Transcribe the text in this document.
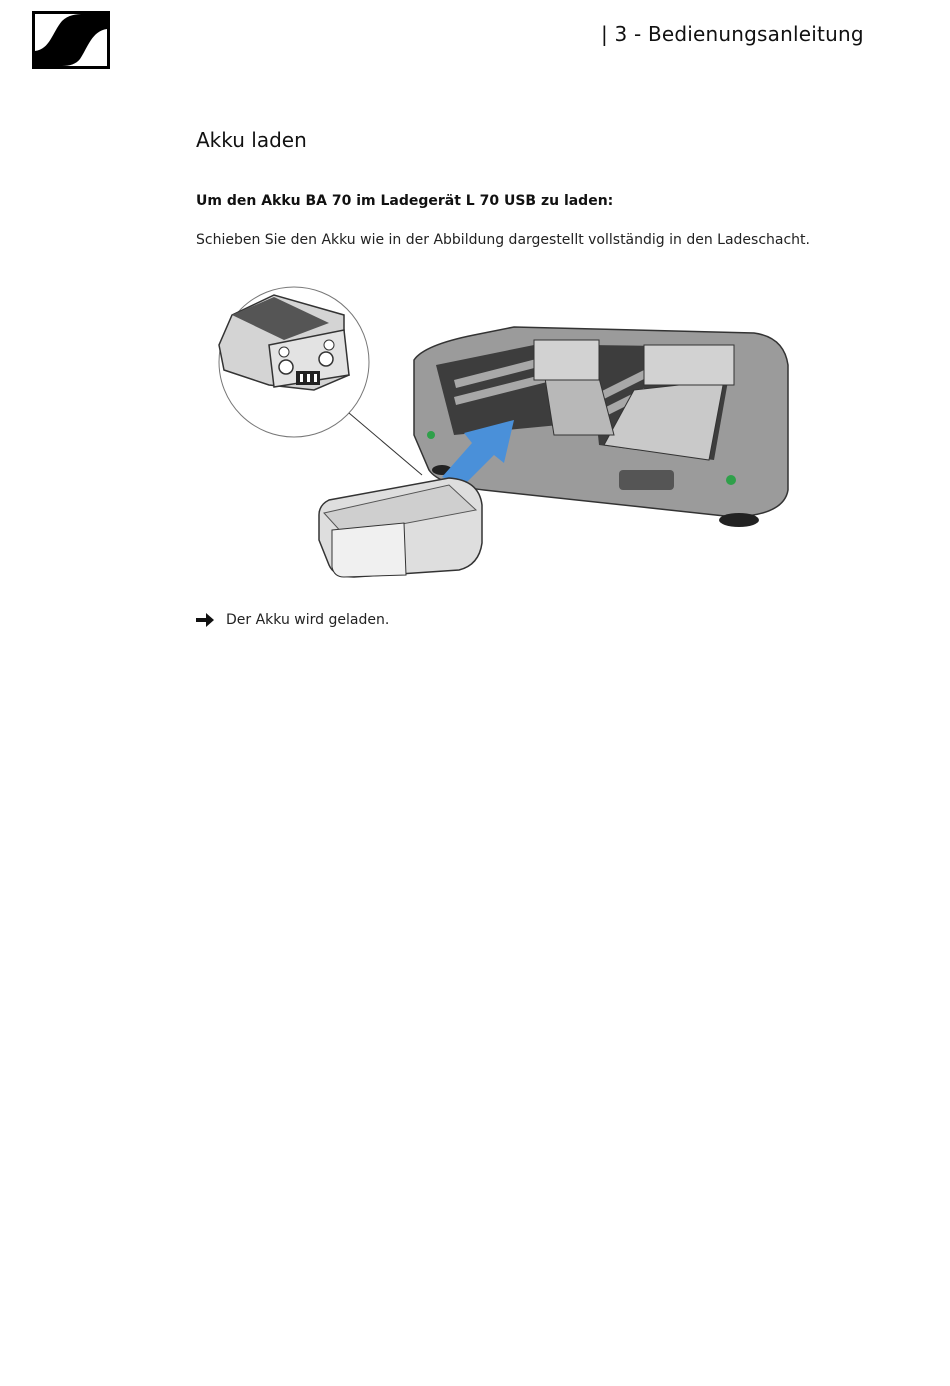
| 3 - Bedienungsanleitung
Akku laden
Um den Akku BA 70 im Ladegerät L 70 USB zu laden:
Schieben Sie den Akku wie in der Abbildung dargestellt vollständig in den Ladeschacht.
Der Akku wird geladen.
